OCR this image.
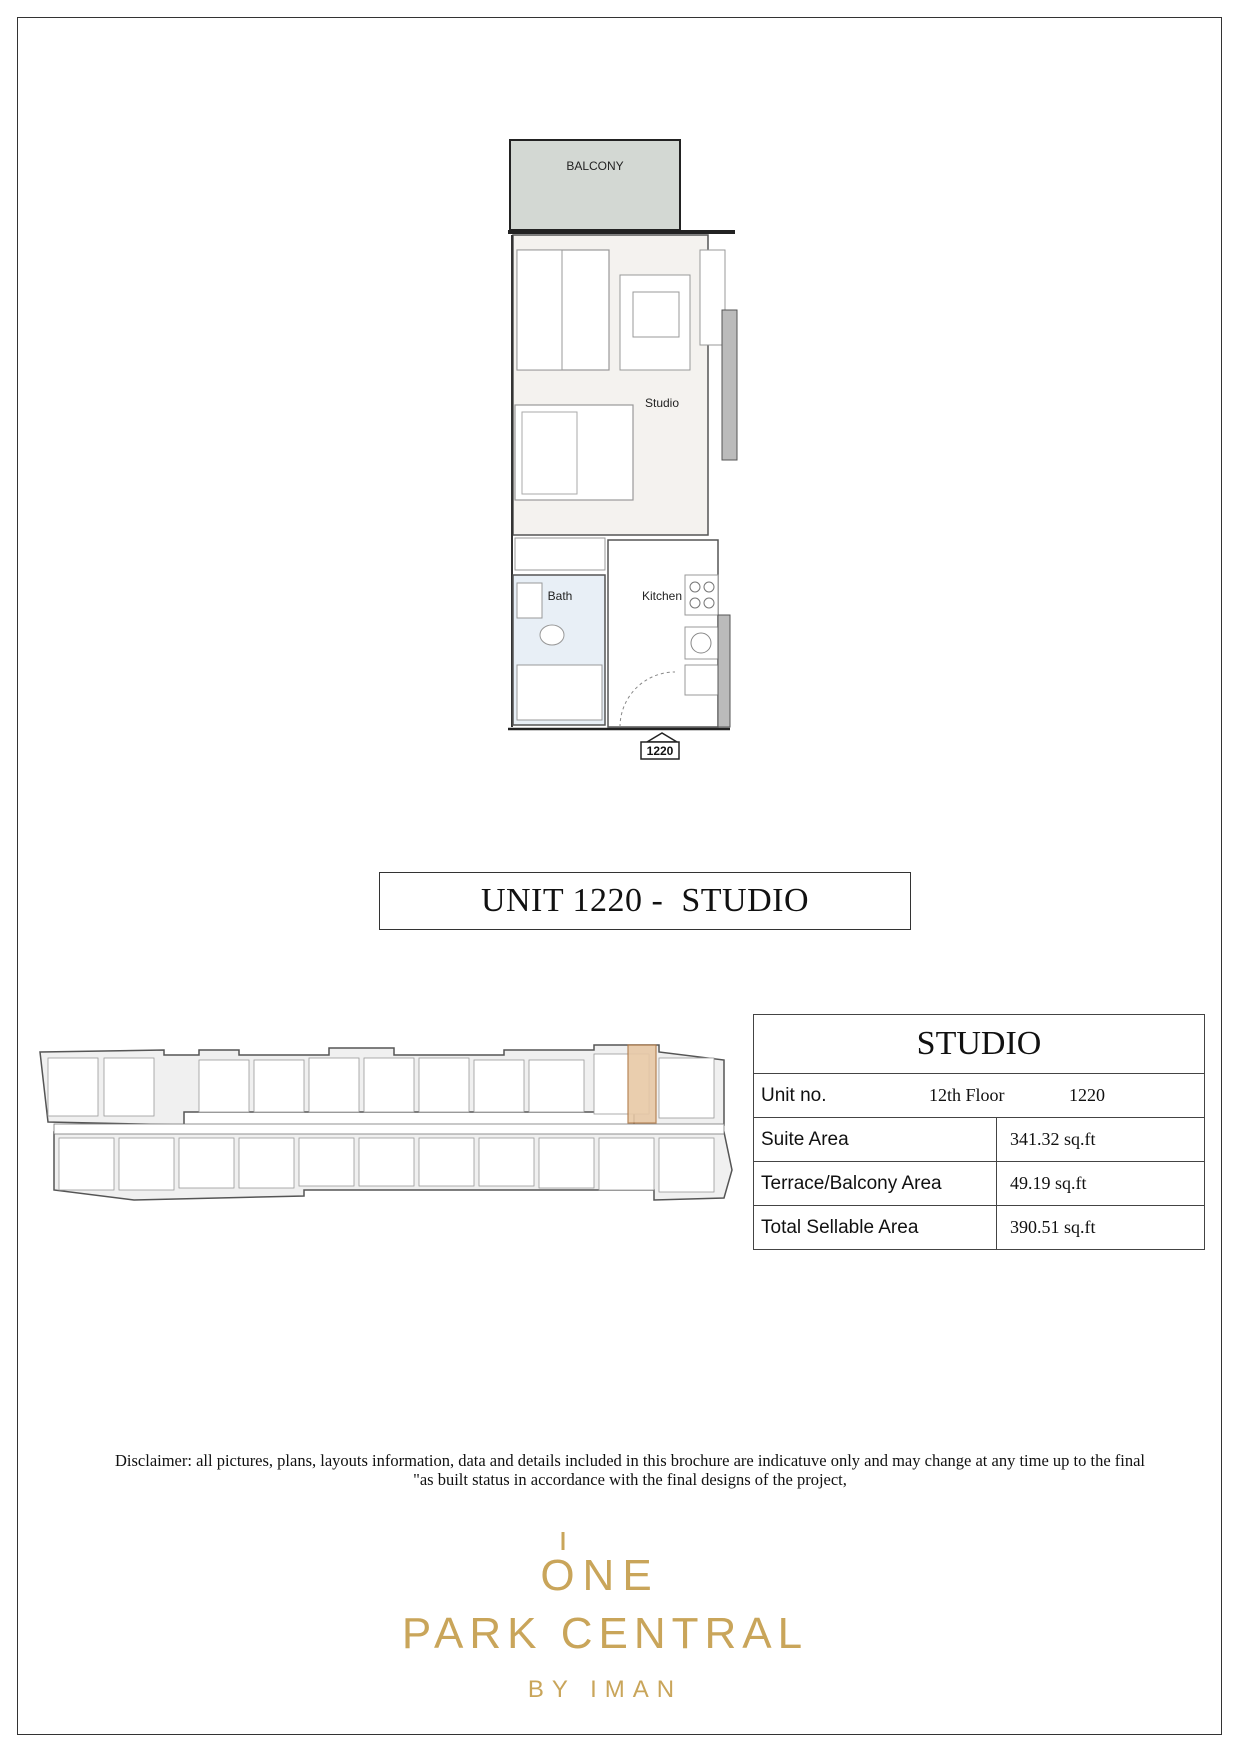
BALCONY
Studio
Bath	Kitchen
1220
UNIT 1220 -  STUDIO
STUDIO	

Unit no. 12th Floor 1220	

Suite Area	341.32 sq.ft
Terrace/Balcony Area	49.19 sq.ft
Total Sellable Area	390.51 sq.ft
Disclaimer: all pictures, plans, layouts information, data and details included in this brochure are indicatuve only and may change at any time up to the final
"as built status in accordance with the final designs of the project,
ONE
PARK CENTRAL
BY IMAN
